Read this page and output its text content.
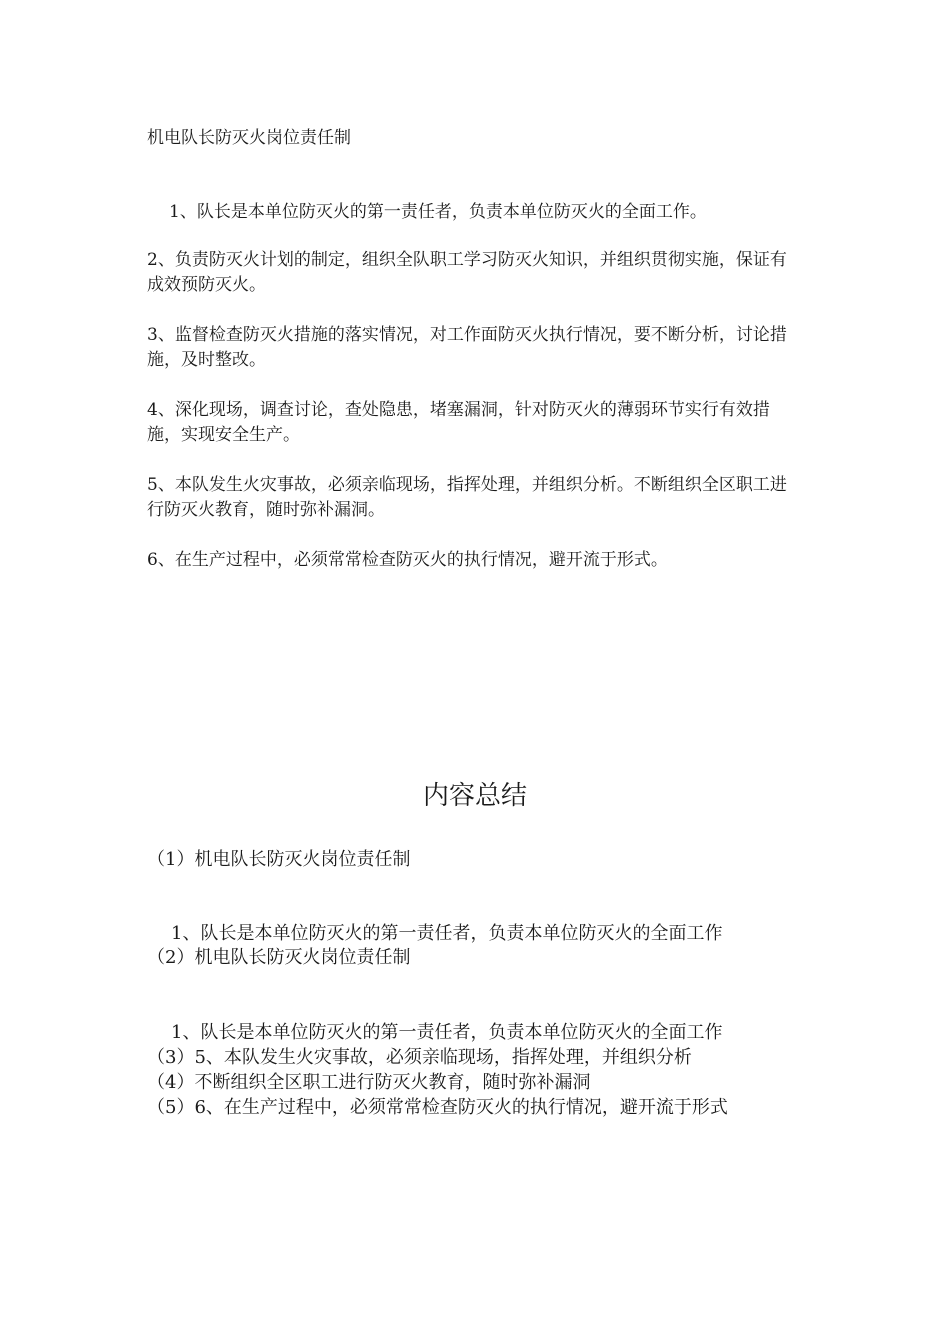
机电队长防灭火岗位责任制
1、队长是本单位防灭火的第一责任者，负责本单位防灭火的全面工作。
2、负责防灭火计划的制定，组织全队职工学习防灭火知识，并组织贯彻实施，保证有成效预防灭火。
3、监督检查防灭火措施的落实情况，对工作面防灭火执行情况，要不断分析，讨论措施，及时整改。
4、深化现场，调查讨论，查处隐患，堵塞漏洞，针对防灭火的薄弱环节实行有效措施，实现安全生产。
5、本队发生火灾事故，必须亲临现场，指挥处理，并组织分析。不断组织全区职工进行防灭火教育，随时弥补漏洞。
6、在生产过程中，必须常常检查防灭火的执行情况，避开流于形式。
内容总结
（1）机电队长防灭火岗位责任制
1、队长是本单位防灭火的第一责任者，负责本单位防灭火的全面工作
（2）机电队长防灭火岗位责任制
1、队长是本单位防灭火的第一责任者，负责本单位防灭火的全面工作
（3）5、本队发生火灾事故，必须亲临现场，指挥处理，并组织分析
（4）不断组织全区职工进行防灭火教育，随时弥补漏洞
（5）6、在生产过程中，必须常常检查防灭火的执行情况，避开流于形式
